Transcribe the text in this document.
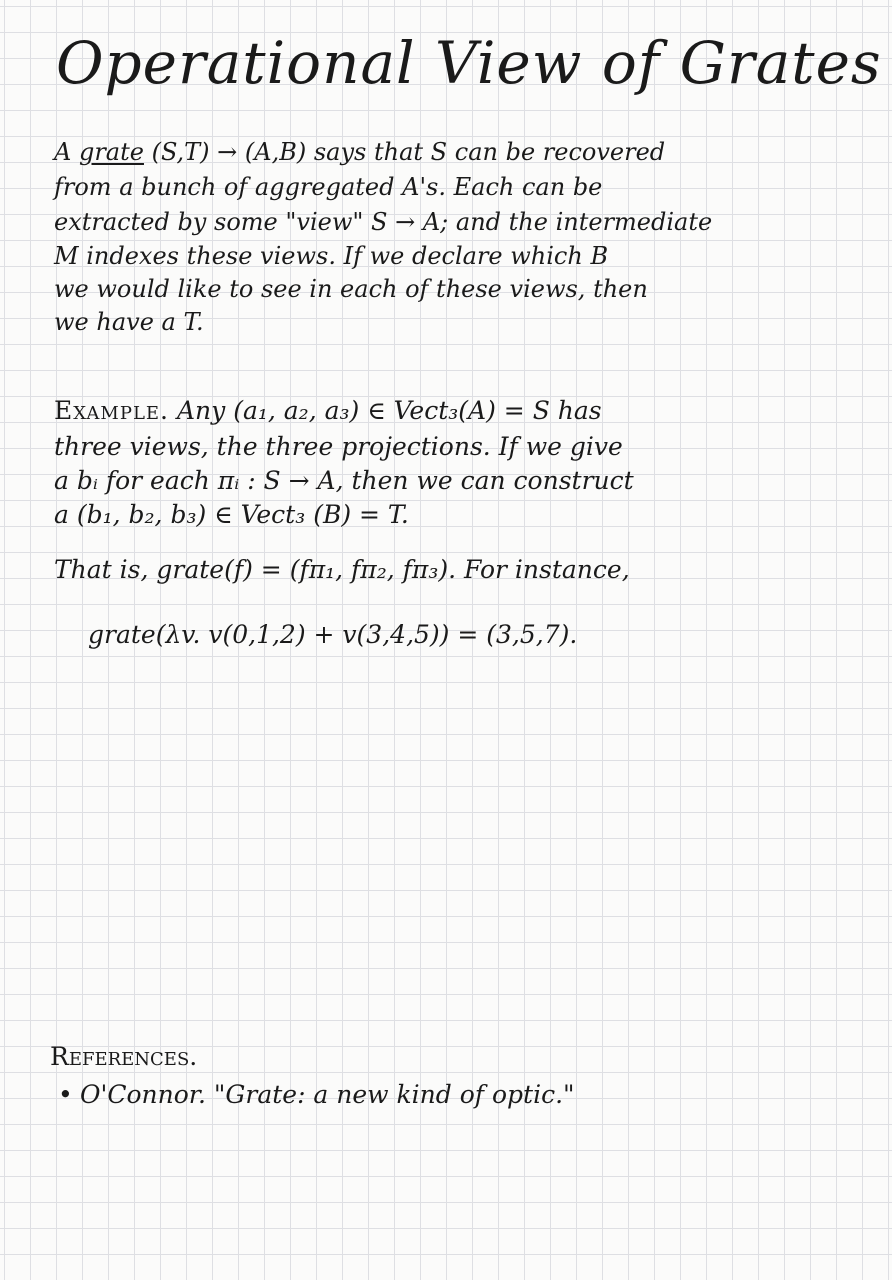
Operational View of Grates

A grate (S,T) → (A,B) says that S can be recovered

from a bunch of aggregated A's. Each can be

extracted by some "view" S → A; and the intermediate

M indexes these views. If we declare which B

we would like to see in each of these views, then

we have a T.

Example. Any (a₁, a₂, a₃) ∈ Vect₃(A) = S has

three views, the three projections. If we give

a bᵢ for each πᵢ : S → A, then we can construct

a (b₁, b₂, b₃) ∈ Vect₃ (B) = T.

That is, grate(f) = (fπ₁, fπ₂, fπ₃). For instance,

grate(λv. v(0,1,2) + v(3,4,5)) = (3,5,7).

References.
• O'Connor. "Grate: a new kind of optic."
